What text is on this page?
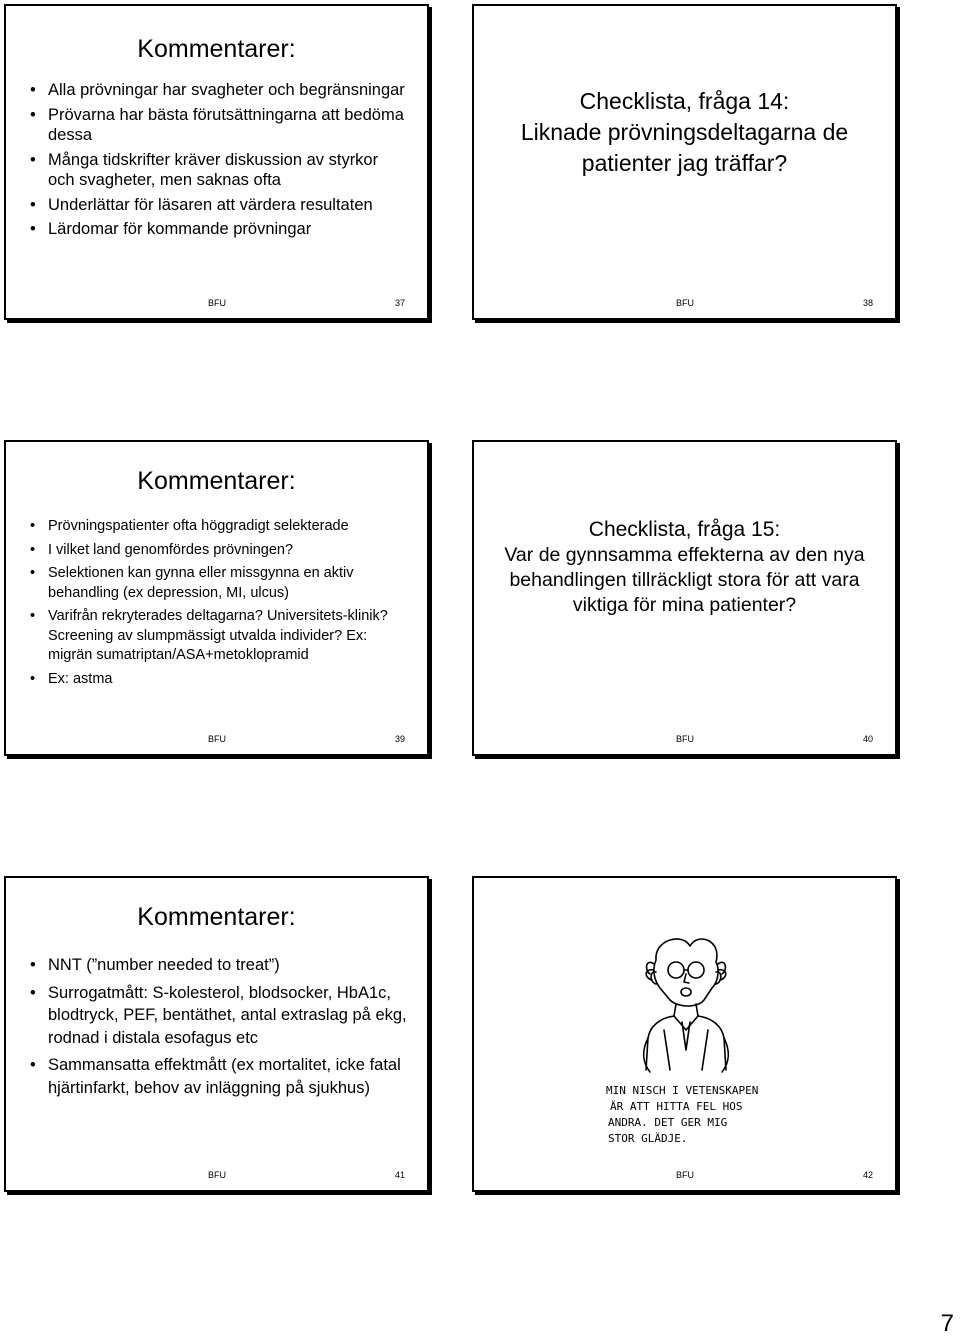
Kommentarer:
• Alla prövningar har svagheter och begränsningar
• Prövarna har bästa förutsättningarna att bedöma dessa
• Många tidskrifter kräver diskussion av styrkor och svagheter, men saknas ofta
• Underlättar för läsaren att värdera resultaten
• Lärdomar för kommande prövningar
BFU	37
Checklista, fråga 14:
Liknade prövningsdeltagarna de patienter jag träffar?
BFU	38
Kommentarer:
• Prövningspatienter ofta höggradigt selekterade
• I vilket land genomfördes prövningen?
• Selektionen kan gynna eller missgynna en aktiv behandling (ex depression, MI, ulcus)
• Varifrån rekryterades deltagarna? Universitets-klinik? Screening av slumpmässigt utvalda individer? Ex: migrän sumatriptan/ASA+metoklopramid
• Ex: astma
BFU	39
Checklista, fråga 15:
Var de gynnsamma effekterna av den nya behandlingen tillräckligt stora för att vara viktiga för mina patienter?
BFU	40
Kommentarer:
• NNT (”number needed to treat”)
• Surrogatmått: S-kolesterol, blodsocker, HbA1c, blodtryck, PEF, bentäthet, antal extraslag på ekg, rodnad i distala esofagus etc
• Sammansatta effektmått (ex mortalitet, icke fatal hjärtinfarkt, behov av inläggning på sjukhus)
BFU	41
MIN NISCH I VETENSKAPEN
ÄR ATT HITTA FEL HOS
ANDRA. DET GER MIG
STOR GLÄDJE.
BFU	42
7
